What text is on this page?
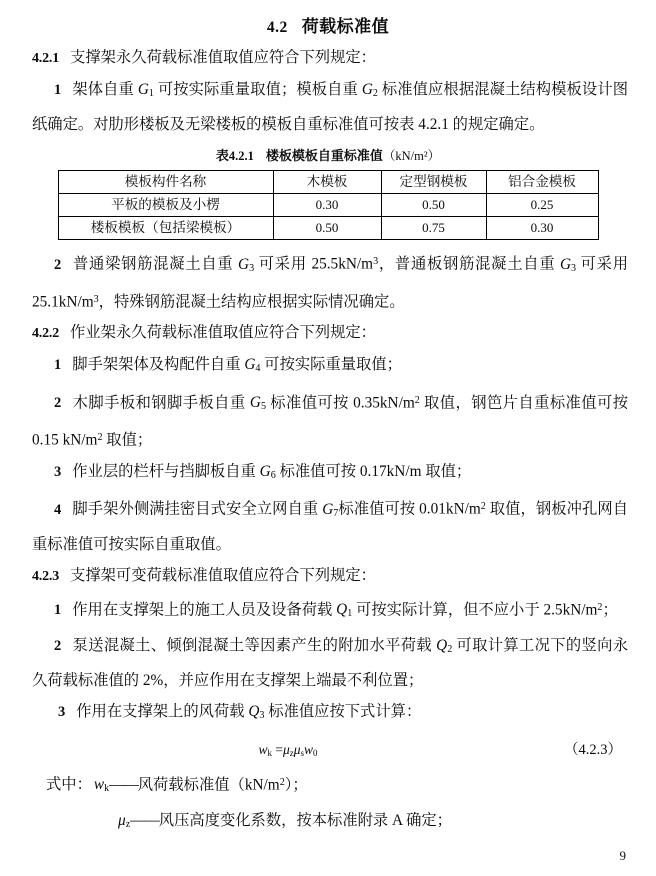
4.2 荷载标准值

4.2.1 支撑架永久荷载标准值取值应符合下列规定：

1 架体自重 $G_1$ 可按实际重量取值；模板自重 $G_2$ 标准值应根据混凝土结构模板设计图纸确定。对肋形楼板及无梁楼板的模板自重标准值可按表 4.2.1 的规定确定。

表4.2.1 楼板模板自重标准值（kN/m²）
模板构件名称	木模板	定型钢模板	铝合金模板
平板的模板及小楞	0.30	0.50	0.25
楼板模板（包括梁模板）	0.50	0.75	0.30

2 普通梁钢筋混凝土自重 $G_3$ 可采用 $25.5kN/m^3$，普通板钢筋混凝土自重 $G_3$ 可采用 $25.1kN/m^3$，特殊钢筋混凝土结构应根据实际情况确定。

4.2.2 作业架永久荷载标准值取值应符合下列规定：

1 脚手架架体及构配件自重 $G_4$ 可按实际重量取值；

2 木脚手板和钢脚手板自重 $G_5$ 标准值可按 $0.35kN/m^2$ 取值，钢笆片自重标准值可按 0.15 $kN/m^2$ 取值；

3 作业层的栏杆与挡脚板自重 $G_6$ 标准值可按 0.17kN/m 取值；

4 脚手架外侧满挂密目式安全立网自重 $G_7$标准值可按 $0.01kN/m^2$ 取值，钢板冲孔网自重标准值可按实际自重取值。

4.2.3 支撑架可变荷载标准值取值应符合下列规定：

1 作用在支撑架上的施工人员及设备荷载 $Q_1$ 可按实际计算，但不应小于 $2.5kN/m^2$；

2 泵送混凝土、倾倒混凝土等因素产生的附加水平荷载 $Q_2$ 可取计算工况下的竖向永久荷载标准值的 2%，并应作用在支撑架上端最不利位置；

3 作用在支撑架上的风荷载 $Q_3$ 标准值应按下式计算：

$w_k =\mu_z\mu_sw_0$	（4.2.3）

式中： $w_k——$风荷载标准值$(kN/m^2)$；

$\mu_z——$风压高度变化系数，按本标准附录 A 确定；

9
